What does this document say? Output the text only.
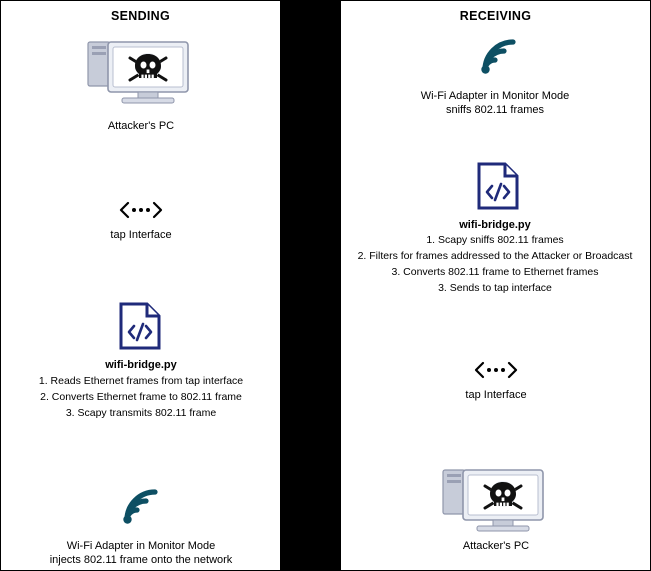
SENDING
Attacker's PC
tap Interface
wifi-bridge.py
1. Reads Ethernet frames from tap interface
2. Converts Ethernet frame to 802.11 frame
3. Scapy transmits 802.11 frame
Wi-Fi Adapter in Monitor Mode
injects 802.11 frame onto the network
RECEIVING
Wi-Fi Adapter in Monitor Mode
sniffs 802.11 frames
wifi-bridge.py
1. Scapy sniffs 802.11 frames
2. Filters for frames addressed to the Attacker or Broadcast
3. Converts 802.11 frame to Ethernet frames
3. Sends to tap interface
tap Interface
Attacker's PC
